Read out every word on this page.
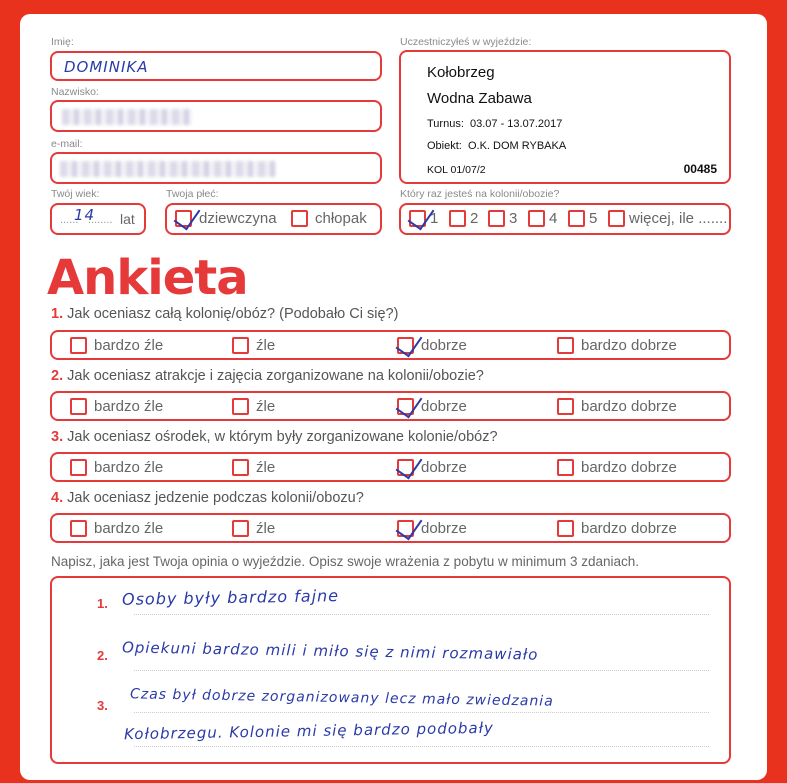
Imię:
DOMINIKA
Nazwisko:
e-mail:
Twój wiek:
......
14
........ lat
Twoja płeć:
dziewczyna	chłopak
Uczestniczyłeś w wyjeździe:
Kołobrzeg
Wodna Zabawa
Turnus:  03.07 - 13.07.2017
Obiekt:  O.K. DOM RYBAKA
KOL 01/07/2	00485
Który raz jesteś na kolonii/obozie?
1 2 3 4 5 więcej, ile .......
Ankieta
1. Jak oceniasz całą kolonię/obóz? (Podobało Ci się?)
bardzo źle	źle	dobrze	bardzo dobrze
2. Jak oceniasz atrakcje i zajęcia zorganizowane na kolonii/obozie?
bardzo źle	źle	dobrze	bardzo dobrze
3. Jak oceniasz ośrodek, w którym były zorganizowane kolonie/obóz?
bardzo źle	źle	dobrze	bardzo dobrze
4. Jak oceniasz jedzenie podczas kolonii/obozu?
bardzo źle	źle	dobrze	bardzo dobrze
Napisz, jaka jest Twoja opinia o wyjeździe. Opisz swoje wrażenia z pobytu w minimum 3 zdaniach.
1.
2.
3.
Osoby były bardzo fajne
Opiekuni bardzo mili i miło się z nimi rozmawiało
Czas był dobrze zorganizowany lecz mało zwiedzania
Kołobrzegu. Kolonie mi się bardzo podobały
